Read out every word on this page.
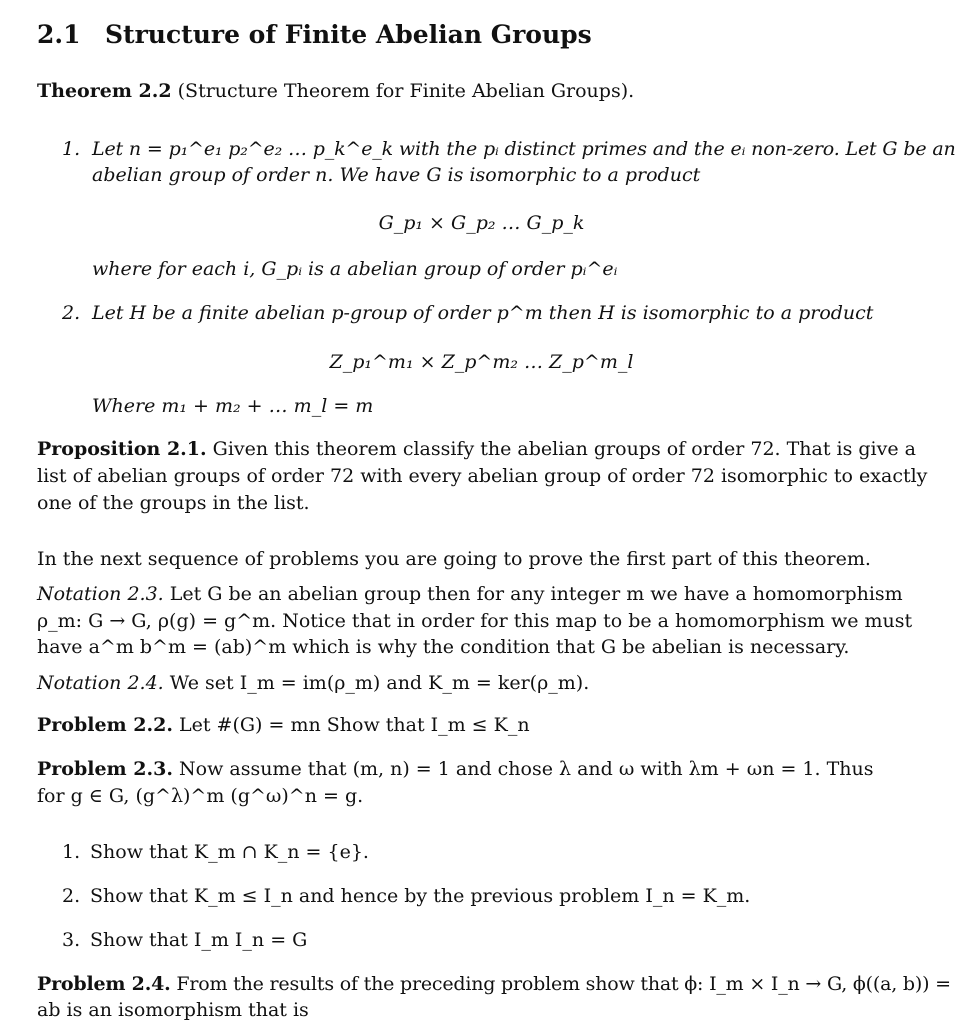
2.1 Structure of Finite Abelian Groups
Theorem 2.2 (Structure Theorem for Finite Abelian Groups).
1. Let n = p₁^e₁ p₂^e₂ … p_k^e_k with the pᵢ distinct primes and the eᵢ non-zero. Let G be an
abelian group of order n. We have G is isomorphic to a product
G_p₁ × G_p₂ … G_p_k
where for each i, G_pᵢ is a abelian group of order pᵢ^eᵢ
2. Let H be a finite abelian p-group of order p^m then H is isomorphic to a product
Z_p₁^m₁ × Z_p^m₂ … Z_p^m_l
Where m₁ + m₂ + … m_l = m
Proposition 2.1. Given this theorem classify the abelian groups of order 72. That is give a
list of abelian groups of order 72 with every abelian group of order 72 isomorphic to exactly
one of the groups in the list.
In the next sequence of problems you are going to prove the first part of this theorem.
Notation 2.3. Let G be an abelian group then for any integer m we have a homomorphism
ρ_m: G → G, ρ(g) = g^m. Notice that in order for this map to be a homomorphism we must
have a^m b^m = (ab)^m which is why the condition that G be abelian is necessary.
Notation 2.4. We set I_m = im(ρ_m) and K_m = ker(ρ_m).
Problem 2.2. Let #(G) = mn Show that I_m ≤ K_n
Problem 2.3. Now assume that (m, n) = 1 and chose λ and ω with λm + ωn = 1. Thus
for g ∈ G, (g^λ)^m (g^ω)^n = g.
1. Show that K_m ∩ K_n = {e}.
2. Show that K_m ≤ I_n and hence by the previous problem I_n = K_m.
3. Show that I_m I_n = G
Problem 2.4. From the results of the preceding problem show that ϕ: I_m × I_n → G, ϕ((a, b)) =
ab is an isomorphism that is
